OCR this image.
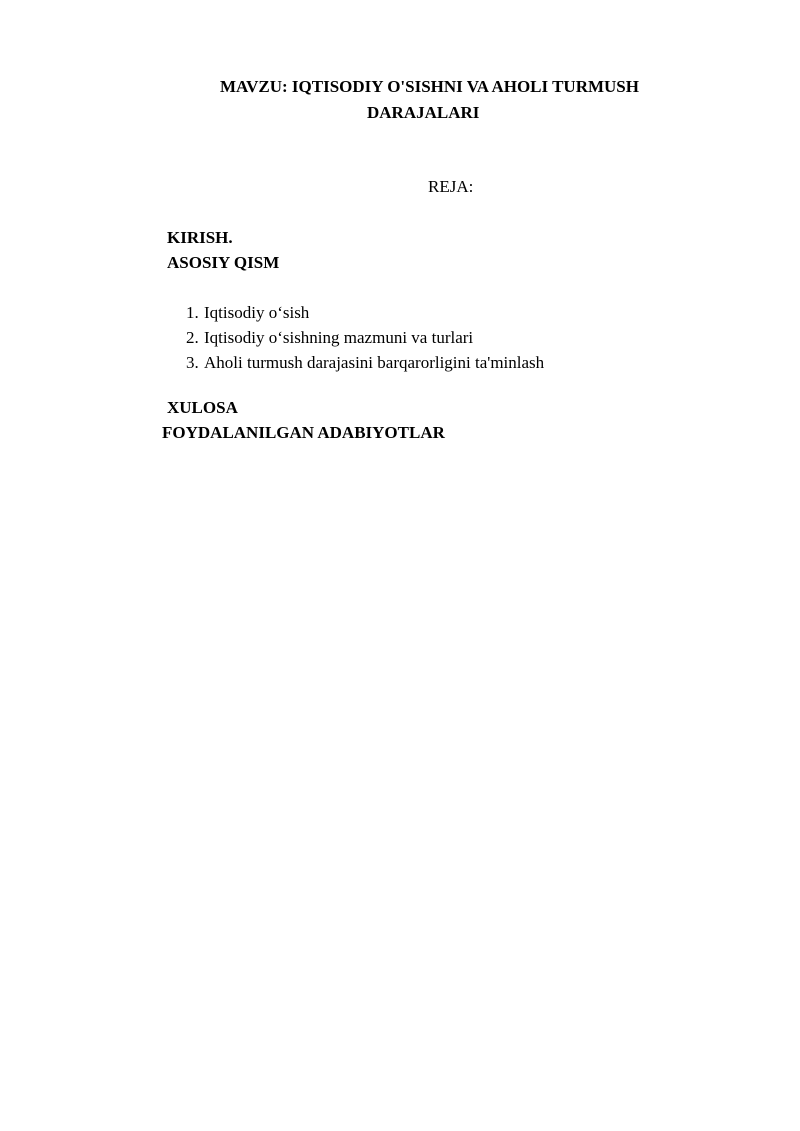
MAVZU: IQTISODIY O'SISHNI VA AHOLI TURMUSH
DARAJALARI
REJA:
KIRISH.
ASOSIY QISM
1. Iqtisodiy o‘sish
2. Iqtisodiy o‘sishning mazmuni va turlari
3. Aholi turmush darajasini barqarorligini ta'minlash
XULOSA
FOYDALANILGAN ADABIYOTLAR
